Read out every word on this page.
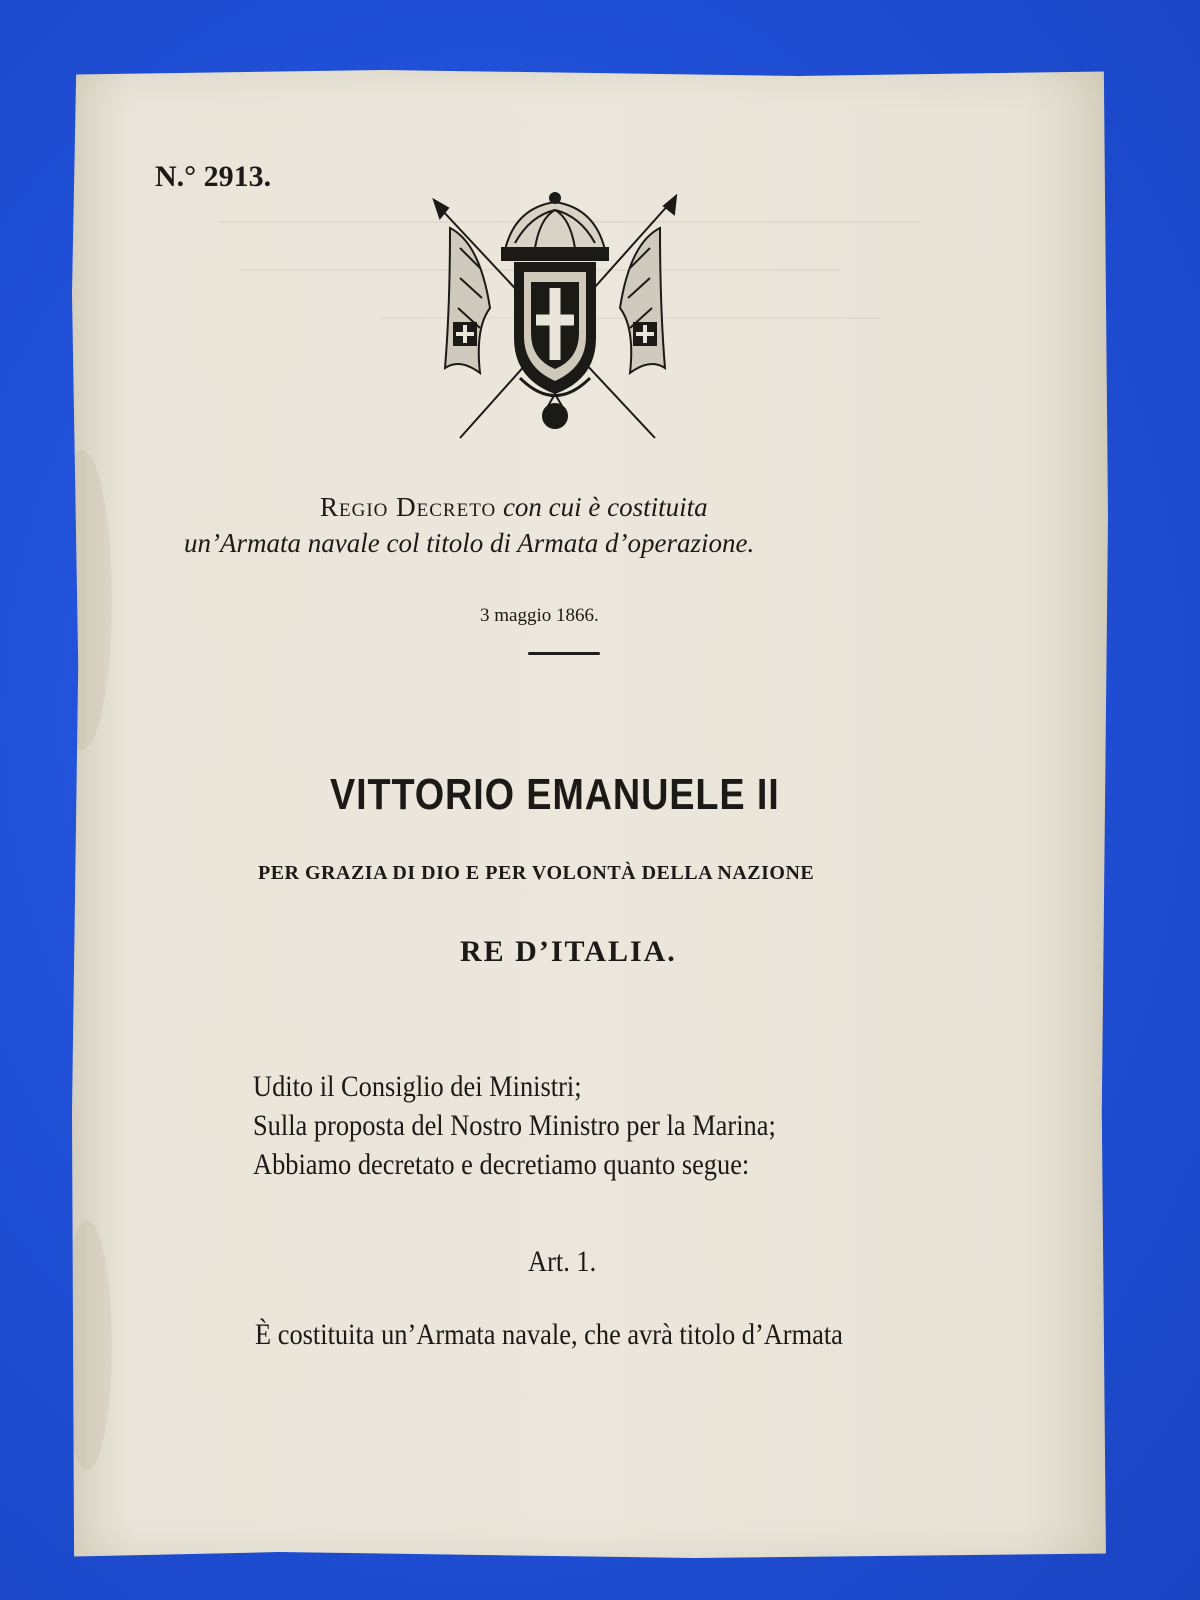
N.° 2913.
Regio Decreto con cui è costituita
un’Armata navale col titolo di Armata d’operazione.
3 maggio 1866.
VITTORIO EMANUELE II
PER GRAZIA DI DIO E PER VOLONTÀ DELLA NAZIONE
RE D’ITALIA.
Udito il Consiglio dei Ministri;
Sulla proposta del Nostro Ministro per la Marina;
Abbiamo decretato e decretiamo quanto segue:
Art. 1.
È costituita un’Armata navale, che avrà titolo d’Armata
